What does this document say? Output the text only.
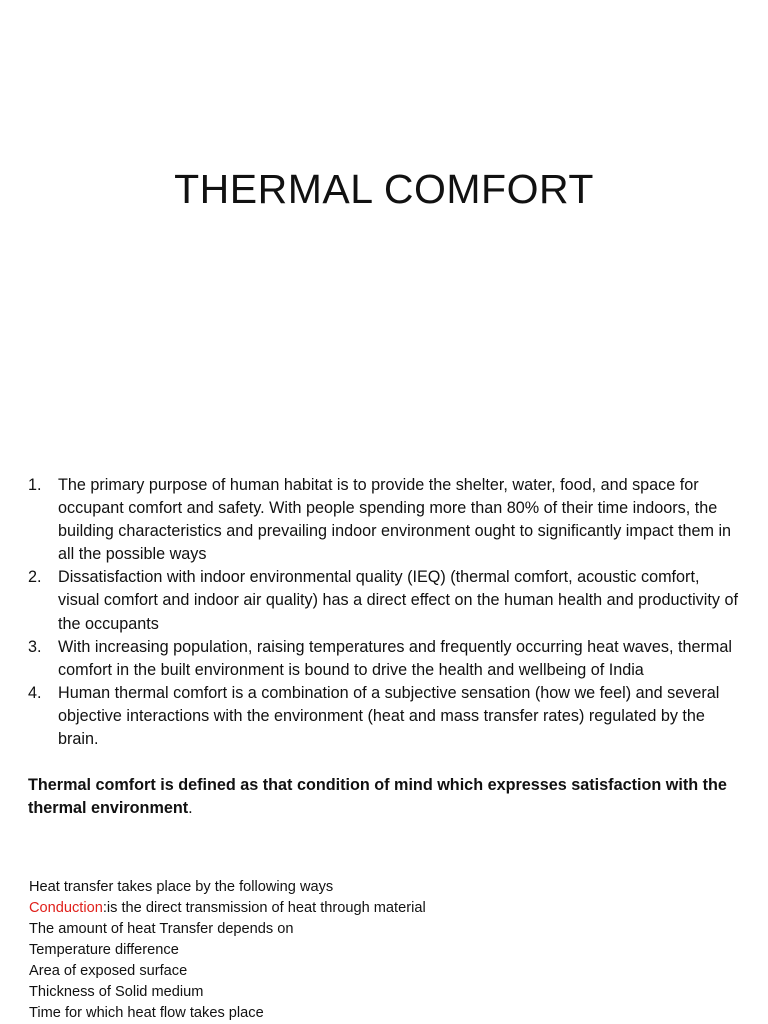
THERMAL COMFORT
1. The primary purpose of human habitat is to provide the shelter, water, food, and space for occupant comfort and safety. With people spending more than 80% of their time indoors, the building characteristics and prevailing indoor environment ought to significantly impact them in all the possible ways
2. Dissatisfaction with indoor environmental quality (IEQ) (thermal comfort, acoustic comfort, visual comfort and indoor air quality) has a direct effect on the human health and productivity of the occupants
3. With increasing population, raising temperatures and frequently occurring heat waves, thermal comfort in the built environment is bound to drive the health and wellbeing of India
4. Human thermal comfort is a combination of a subjective sensation (how we feel) and several objective interactions with the environment (heat and mass transfer rates) regulated by the brain.

Thermal comfort is defined as that condition of mind which expresses satisfaction with the thermal environment.

Heat transfer takes place by the following ways

Conduction:is the direct transmission of heat through material

The amount of heat Transfer depends on

Temperature difference

Area of exposed surface

Thickness of Solid medium

Time for which heat flow takes place
